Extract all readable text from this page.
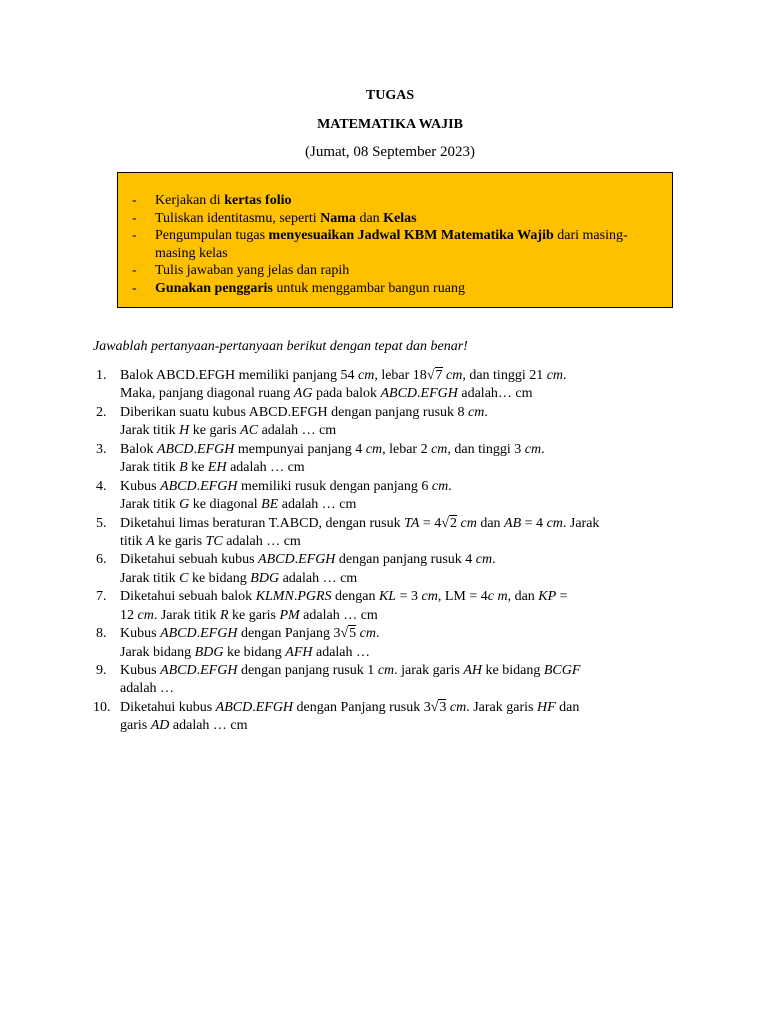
TUGAS
MATEMATIKA WAJIB
(Jumat, 08 September 2023)
- Kerjakan di kertas folio
- Tuliskan identitasmu, seperti Nama dan Kelas
- Pengumpulan tugas menyesuaikan Jadwal KBM Matematika Wajib dari masing-masing kelas
- Tulis jawaban yang jelas dan rapih
- Gunakan penggaris untuk menggambar bangun ruang
Jawablah pertanyaan-pertanyaan berikut dengan tepat dan benar!
1. Balok ABCD.EFGH memiliki panjang 54 cm, lebar 18√7 cm, dan tinggi 21 cm.
Maka, panjang diagonal ruang AG pada balok ABCD.EFGH adalah… cm
2. Diberikan suatu kubus ABCD.EFGH dengan panjang rusuk 8 cm.
Jarak titik H ke garis AC adalah … cm
3. Balok ABCD.EFGH mempunyai panjang 4 cm, lebar 2 cm, dan tinggi 3 cm.
Jarak titik B ke EH adalah … cm
4. Kubus ABCD.EFGH memiliki rusuk dengan panjang 6 cm.
Jarak titik G ke diagonal BE adalah … cm
5. Diketahui limas beraturan T.ABCD, dengan rusuk TA = 4√2 cm dan AB = 4 cm. Jarak
titik A ke garis TC adalah … cm
6. Diketahui sebuah kubus ABCD.EFGH dengan panjang rusuk 4 cm.
Jarak titik C ke bidang BDG adalah … cm
7. Diketahui sebuah balok KLMN.PGRS dengan KL = 3 cm, LM = 4c m, dan KP =
12 cm. Jarak titik R ke garis PM adalah … cm
8. Kubus ABCD.EFGH dengan Panjang 3√5 cm.
Jarak bidang BDG ke bidang AFH adalah …
9. Kubus ABCD.EFGH dengan panjang rusuk 1 cm. jarak garis AH ke bidang BCGF
adalah …
10. Diketahui kubus ABCD.EFGH dengan Panjang rusuk 3√3 cm. Jarak garis HF dan
garis AD adalah … cm
